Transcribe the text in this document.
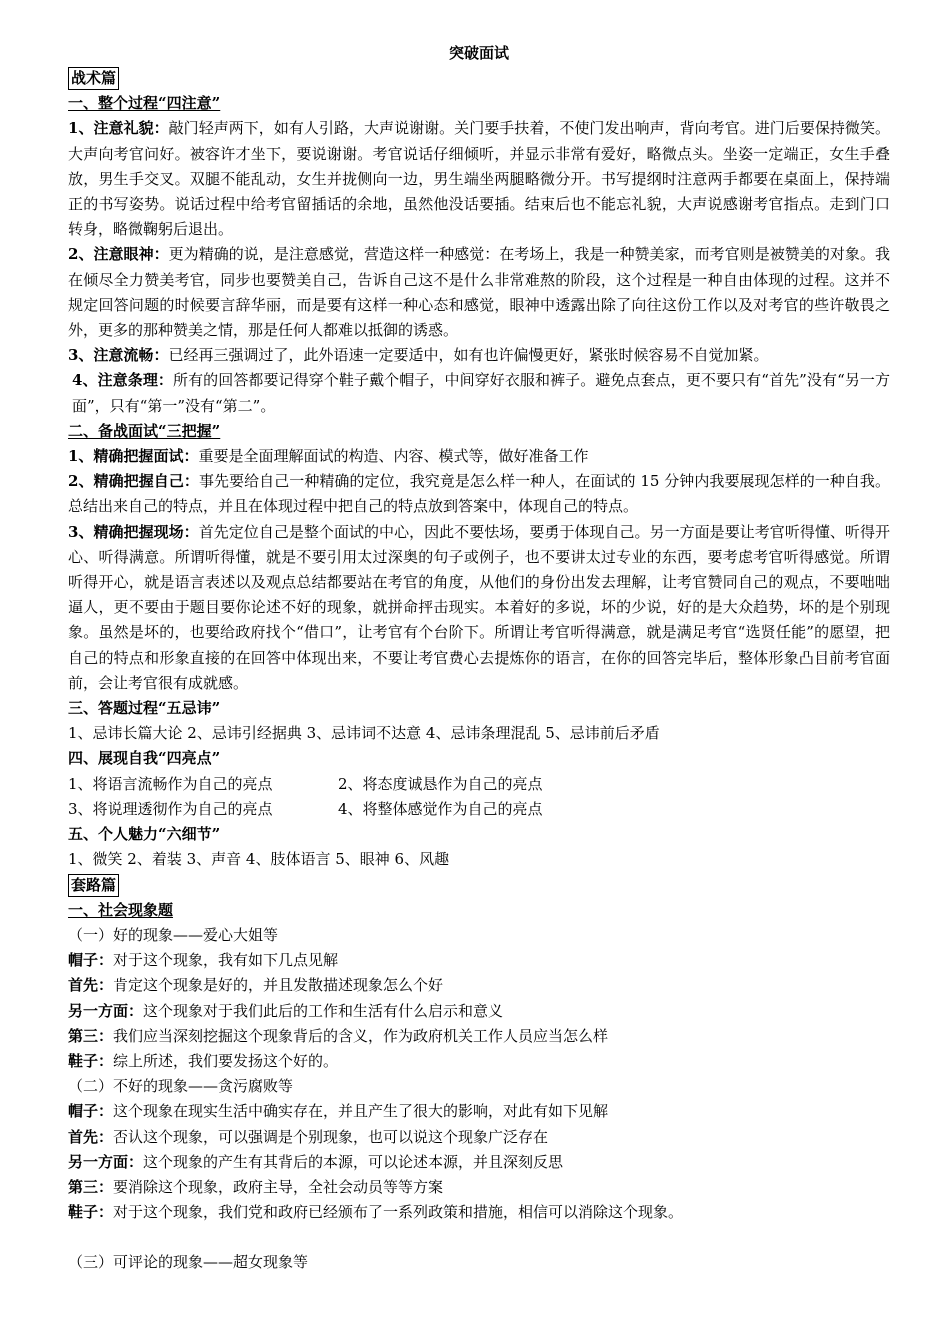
突破面试
战术篇
一、整个过程“四注意”

1、注意礼貌：敲门轻声两下，如有人引路，大声说谢谢。关门要手扶着，不使门发出响声，背向考官。进门后要保持微笑。大声向考官问好。被容许才坐下，要说谢谢。考官说话仔细倾听，并显示非常有爱好，略微点头。坐姿一定端正，女生手叠放，男生手交叉。双腿不能乱动，女生并拢侧向一边，男生端坐两腿略微分开。书写提纲时注意两手都要在桌面上，保持端正的书写姿势。说话过程中给考官留插话的余地，虽然他没话要插。结束后也不能忘礼貌，大声说感谢考官指点。走到门口转身，略微鞠躬后退出。

2、注意眼神：更为精确的说，是注意感觉，营造这样一种感觉：在考场上，我是一种赞美家，而考官则是被赞美的对象。我在倾尽全力赞美考官，同步也要赞美自己，告诉自己这不是什么非常难熬的阶段，这个过程是一种自由体现的过程。这并不规定回答问题的时候要言辞华丽，而是要有这样一种心态和感觉，眼神中透露出除了向往这份工作以及对考官的些许敬畏之外，更多的那种赞美之情，那是任何人都难以抵御的诱惑。

3、注意流畅：已经再三强调过了，此外语速一定要适中，如有也许偏慢更好，紧张时候容易不自觉加紧。

4、注意条理：所有的回答都要记得穿个鞋子戴个帽子，中间穿好衣服和裤子。避免点套点，更不要只有“首先”没有“另一方面”，只有“第一”没有“第二”。

二、备战面试“三把握”

1、精确把握面试：重要是全面理解面试的构造、内容、模式等，做好准备工作

2、精确把握自己：事先要给自己一种精确的定位，我究竟是怎么样一种人，在面试的 15 分钟内我要展现怎样的一种自我。总结出来自己的特点，并且在体现过程中把自己的特点放到答案中，体现自己的特点。

3、精确把握现场：首先定位自己是整个面试的中心，因此不要怯场，要勇于体现自己。另一方面是要让考官听得懂、听得开心、听得满意。所谓听得懂，就是不要引用太过深奥的句子或例子，也不要讲太过专业的东西，要考虑考官听得感觉。所谓听得开心，就是语言表述以及观点总结都要站在考官的角度，从他们的身份出发去理解，让考官赞同自己的观点，不要咄咄逼人，更不要由于题目要你论述不好的现象，就拼命抨击现实。本着好的多说，坏的少说，好的是大众趋势，坏的是个别现象。虽然是坏的，也要给政府找个“借口”，让考官有个台阶下。所谓让考官听得满意，就是满足考官“选贤任能”的愿望，把自己的特点和形象直接的在回答中体现出来，不要让考官费心去提炼你的语言，在你的回答完毕后，整体形象凸目前考官面前，会让考官很有成就感。

三、答题过程“五忌讳”

1、忌讳长篇大论 2、忌讳引经据典 3、忌讳词不达意 4、忌讳条理混乱 5、忌讳前后矛盾

四、展现自我“四亮点”
1、将语言流畅作为自己的亮点	2、将态度诚恳作为自己的亮点
3、将说理透彻作为自己的亮点	4、将整体感觉作为自己的亮点
五、个人魅力“六细节”

1、微笑 2、着装 3、声音 4、肢体语言 5、眼神 6、风趣

套路篇
一、社会现象题
（一）好的现象——爱心大姐等

帽子：对于这个现象，我有如下几点见解

首先：肯定这个现象是好的，并且发散描述现象怎么个好

另一方面：这个现象对于我们此后的工作和生活有什么启示和意义

第三：我们应当深刻挖掘这个现象背后的含义，作为政府机关工作人员应当怎么样

鞋子：综上所述，我们要发扬这个好的。

（二）不好的现象——贪污腐败等

帽子：这个现象在现实生活中确实存在，并且产生了很大的影响，对此有如下见解

首先：否认这个现象，可以强调是个别现象，也可以说这个现象广泛存在

另一方面：这个现象的产生有其背后的本源，可以论述本源，并且深刻反思

第三：要消除这个现象，政府主导，全社会动员等等方案

鞋子：对于这个现象，我们党和政府已经颁布了一系列政策和措施，相信可以消除这个现象。

（三）可评论的现象——超女现象等
